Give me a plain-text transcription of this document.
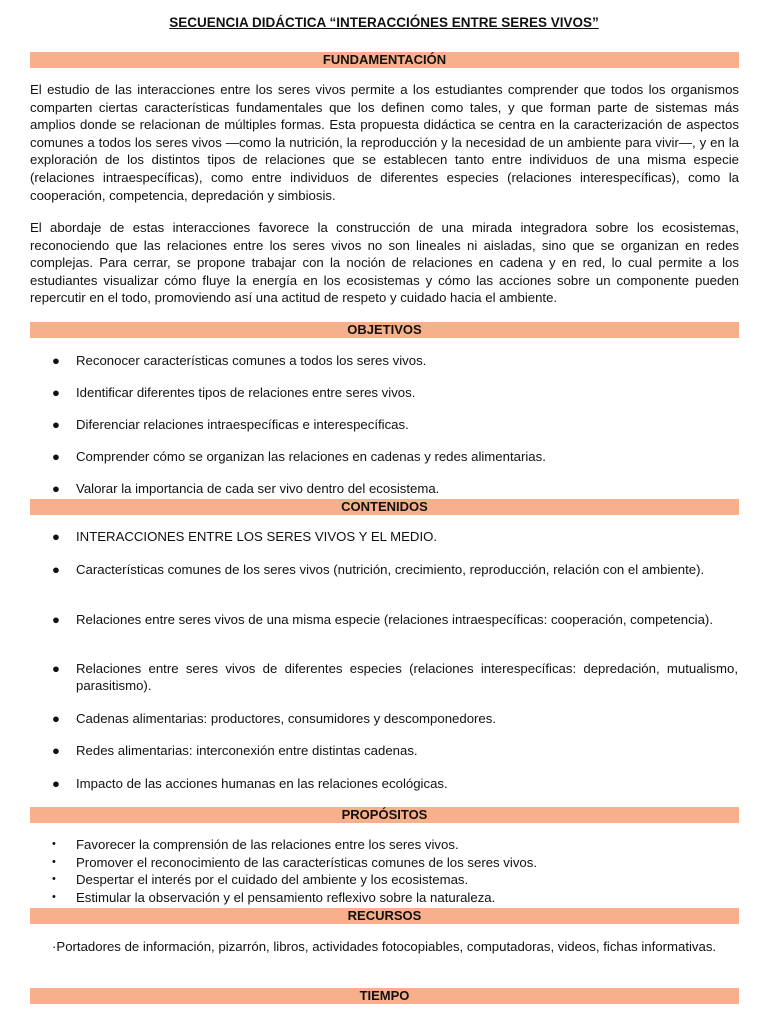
SECUENCIA DIDÁCTICA “INTERACCIÓNES ENTRE SERES VIVOS”
FUNDAMENTACIÓN

El estudio de las interacciones entre los seres vivos permite a los estudiantes comprender que todos los organismos comparten ciertas características fundamentales que los definen como tales, y que forman parte de sistemas más amplios donde se relacionan de múltiples formas. Esta propuesta didáctica se centra en la caracterización de aspectos comunes a todos los seres vivos —como la nutrición, la reproducción y la necesidad de un ambiente para vivir—, y en la exploración de los distintos tipos de relaciones que se establecen tanto entre individuos de una misma especie (relaciones intraespecíficas), como entre individuos de diferentes especies (relaciones interespecíficas), como la cooperación, competencia, depredación y simbiosis.

El abordaje de estas interacciones favorece la construcción de una mirada integradora sobre los ecosistemas, reconociendo que las relaciones entre los seres vivos no son lineales ni aisladas, sino que se organizan en redes complejas. Para cerrar, se propone trabajar con la noción de relaciones en cadena y en red, lo cual permite a los estudiantes visualizar cómo fluye la energía en los ecosistemas y cómo las acciones sobre un componente pueden repercutir en el todo, promoviendo así una actitud de respeto y cuidado hacia el ambiente.

OBJETIVOS
● Reconocer características comunes a todos los seres vivos.
● Identificar diferentes tipos de relaciones entre seres vivos.
● Diferenciar relaciones intraespecíficas e interespecíficas.
● Comprender cómo se organizan las relaciones en cadenas y redes alimentarias.
● Valorar la importancia de cada ser vivo dentro del ecosistema.
CONTENIDOS
● INTERACCIONES ENTRE LOS SERES VIVOS Y EL MEDIO.
● Características comunes de los seres vivos (nutrición, crecimiento, reproducción, relación con el ambiente).
● Relaciones entre seres vivos de una misma especie (relaciones intraespecíficas: cooperación, competencia).
● Relaciones entre seres vivos de diferentes especies (relaciones interespecíficas: depredación, mutualismo, parasitismo).
● Cadenas alimentarias: productores, consumidores y descomponedores.
● Redes alimentarias: interconexión entre distintas cadenas.
● Impacto de las acciones humanas en las relaciones ecológicas.
PROPÓSITOS
• Favorecer la comprensión de las relaciones entre los seres vivos.
• Promover el reconocimiento de las características comunes de los seres vivos.
• Despertar el interés por el cuidado del ambiente y los ecosistemas.
• Estimular la observación y el pensamiento reflexivo sobre la naturaleza.
RECURSOS

·Portadores de información, pizarrón, libros, actividades fotocopiables, computadoras, videos, fichas informativas.

TIEMPO
